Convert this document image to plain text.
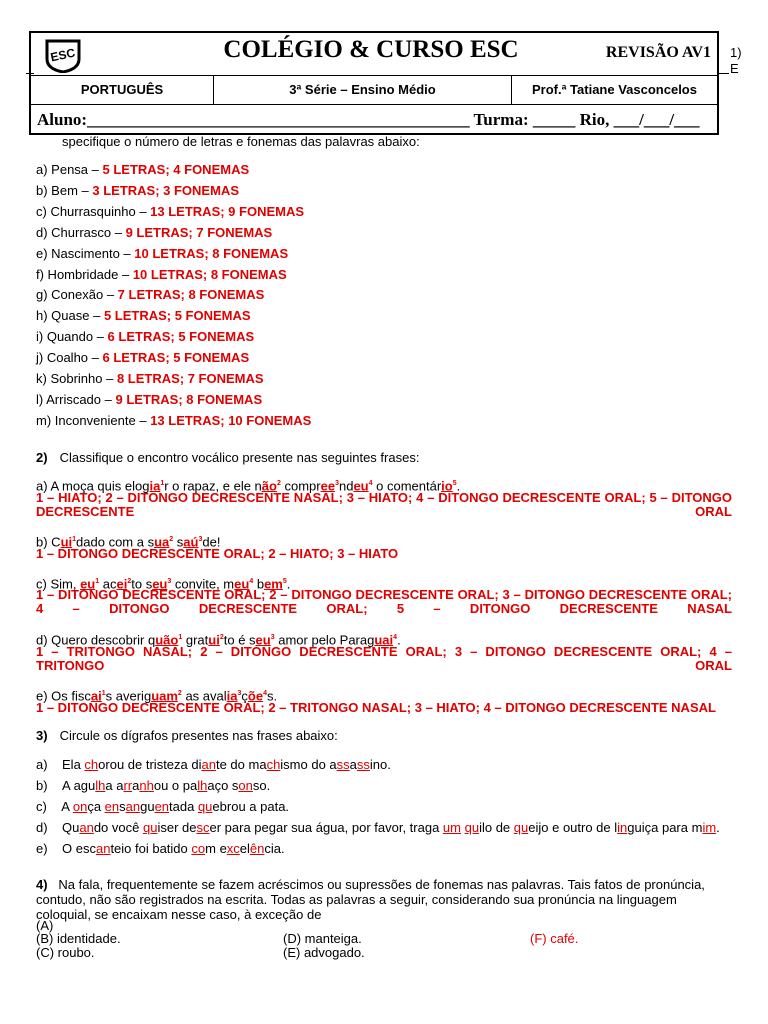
ESC	COLÉGIO & CURSO ESC	REVISÃO AV1
PORTUGUÊS	3ª Série – Ensino Médio	Prof.ª Tatiane Vasconcelos
Aluno:_____________________________________________ Turma: _____ Rio, ___/___/___
1)
E
specifique o número de letras e fonemas das palavras abaixo:
a) Pensa – 5 LETRAS; 4 FONEMAS
b) Bem – 3 LETRAS; 3 FONEMAS
c) Churrasquinho – 13 LETRAS; 9 FONEMAS
d) Churrasco – 9 LETRAS; 7 FONEMAS
e) Nascimento – 10 LETRAS; 8 FONEMAS
f) Hombridade – 10 LETRAS; 8 FONEMAS
g) Conexão – 7 LETRAS; 8 FONEMAS
h) Quase – 5 LETRAS; 5 FONEMAS
i) Quando – 6 LETRAS; 5 FONEMAS
j) Coalho – 6 LETRAS; 5 FONEMAS
k) Sobrinho – 8 LETRAS; 7 FONEMAS
l) Arriscado – 9 LETRAS; 8 FONEMAS
m) Inconveniente – 13 LETRAS; 10 FONEMAS
2) Classifique o encontro vocálico presente nas seguintes frases:
a) A moça quis elogia$^1$r o rapaz, e ele não$^2$ compree$^3$ndeu$^4$ o comentário$^5$.
1 – HIATO; 2 – DITONGO DECRESCENTE NASAL; 3 – HIATO; 4 – DITONGO DECRESCENTE ORAL; 5 – DITONGO DECRESCENTE ORAL
b) Cui$^1$dado com a sua$^2$ saú$^3$de!
1 – DITONGO DECRESCENTE ORAL; 2 – HIATO; 3 – HIATO
c) Sim, $eu^1$ acei$^2$to seu$^3$ convite, meu$^4$ bem$^5$.
1 – DITONGO DECRESCENTE ORAL; 2 – DITONGO DECRESCENTE ORAL; 3 – DITONGO DECRESCENTE ORAL; 4 – DITONGO DECRESCENTE ORAL; 5 – DITONGO DECRESCENTE NASAL
d) Quero descobrir quão$^1$ gratui$^2$to é seu$^3$ amor pelo Paraguai$^4$.
1 – TRITONGO NASAL; 2 – DITONGO DECRESCENTE ORAL; 3 – DITONGO DECRESCENTE ORAL; 4 – TRITONGO ORAL
e) Os fiscai$^1$s averiguam$^2$ as avalia$^3$çõe$^4$s.
1 – DITONGO DECRESCENTE ORAL; 2 – TRITONGO NASAL; 3 – HIATO; 4 – DITONGO DECRESCENTE NASAL
3) Circule os dígrafos presentes nas frases abaixo:
a)    Ela chorou de tristeza diante do machismo do assassino.
b)    A agulha arranhou o palhaço sonso.
c)    A onça ensanguentada quebrou a pata.
d)    Quando você quiser descer para pegar sua água, por favor, traga um quilo de queijo e outro de linguiça para mim.
e)    O escanteio foi batido com excelência.
4) Na fala, frequentemente se fazem acréscimos ou supressões de fonemas nas palavras. Tais fatos de pronúncia, contudo, não são registrados na escrita. Todas as palavras a seguir, considerando sua pronúncia na linguagem coloquial, se encaixam nesse caso, à exceção de
(A)
(B) identidade.
(C) roubo.
(D) manteiga.
(E) advogado.
(F) café.
